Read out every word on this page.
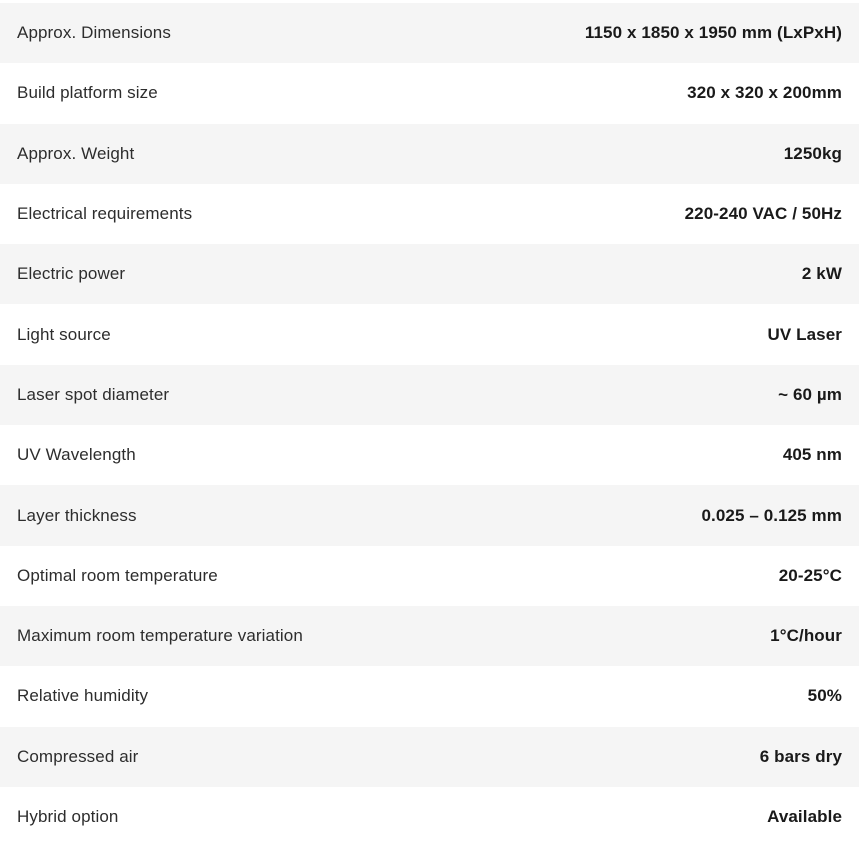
Approx. Dimensions	1150 x 1850 x 1950 mm (LxPxH)
Build platform size	320 x 320 x 200mm
Approx. Weight	1250kg
Electrical requirements	220-240 VAC / 50Hz
Electric power	2 kW
Light source	UV Laser
Laser spot diameter	~ 60 µm
UV Wavelength	405 nm
Layer thickness	0.025 – 0.125 mm
Optimal room temperature	20-25°C
Maximum room temperature variation	1°C/hour
Relative humidity	50%
Compressed air	6 bars dry
Hybrid option	Available
